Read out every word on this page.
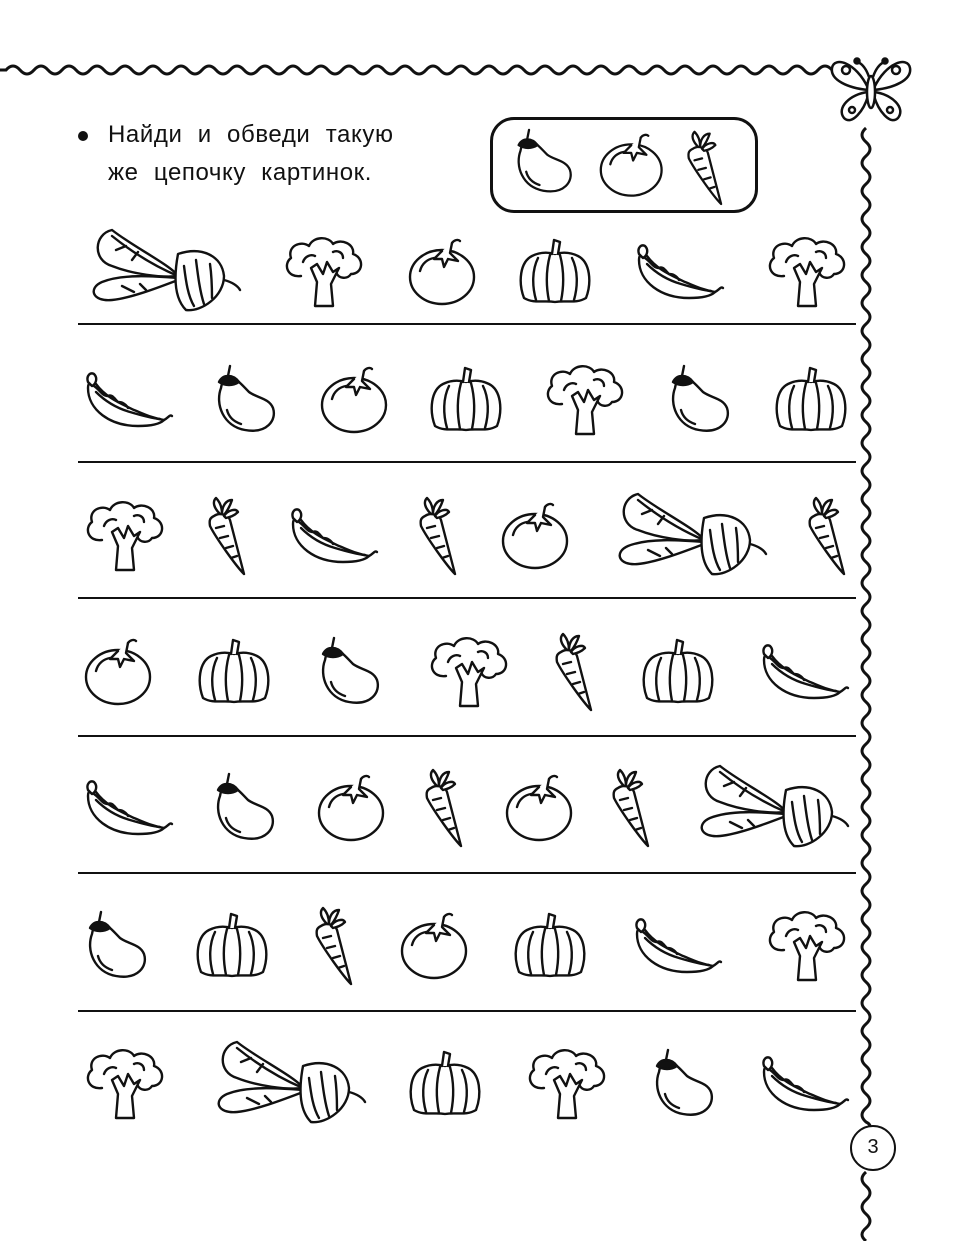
Найди и обведи такую
же цепочку картинок.
3
